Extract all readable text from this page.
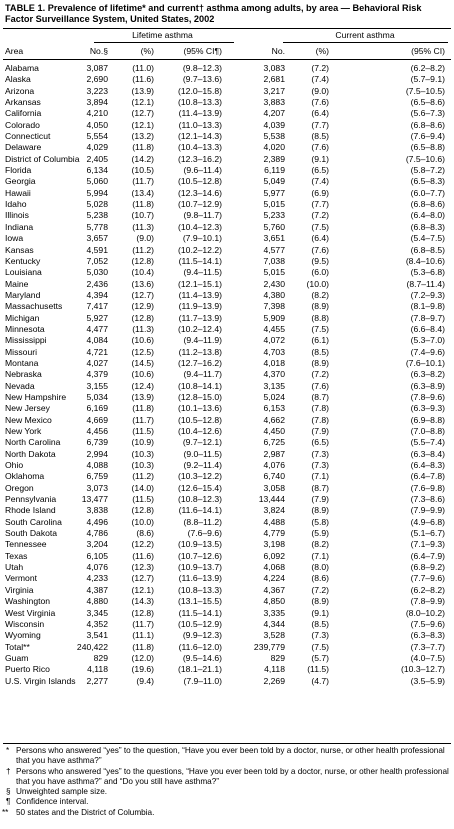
TABLE 1. Prevalence of lifetime* and current† asthma among adults, by area — Behavioral Risk Factor Surveillance System, United States, 2002
Lifetime asthma	Current asthma
Area	No.§	(%)	(95% CI¶)	No.	(%)	(95% CI)
Alabama	3,087	(11.0)	(9.8–12.3)	3,083	(7.2)	(6.2–8.2)
Alaska	2,690	(11.6)	(9.7–13.6)	2,681	(7.4)	(5.7–9.1)
Arizona	3,223	(13.9)	(12.0–15.8)	3,217	(9.0)	(7.5–10.5)
Arkansas	3,894	(12.1)	(10.8–13.3)	3,883	(7.6)	(6.5–8.6)
California	4,210	(12.7)	(11.4–13.9)	4,207	(6.4)	(5.6–7.3)
Colorado	4,050	(12.1)	(11.0–13.3)	4,039	(7.7)	(6.8–8.6)
Connecticut	5,554	(13.2)	(12.1–14.3)	5,538	(8.5)	(7.6–9.4)
Delaware	4,029	(11.8)	(10.4–13.3)	4,020	(7.6)	(6.5–8.8)
District of Columbia 2,405	(14.2)	(12.3–16.2)	2,389	(9.1)	(7.5–10.6)
Florida	6,134	(10.5)	(9.6–11.4)	6,119	(6.5)	(5.8–7.2)
Georgia	5,060	(11.7)	(10.5–12.8)	5,049	(7.4)	(6.5–8.3)
Hawaii	5,994	(13.4)	(12.3–14.6)	5,977	(6.9)	(6.0–7.7)
Idaho	5,028	(11.8)	(10.7–12.9)	5,015	(7.7)	(6.8–8.6)
Illinois	5,238	(10.7)	(9.8–11.7)	5,233	(7.2)	(6.4–8.0)
Indiana	5,778	(11.3)	(10.4–12.3)	5,760	(7.5)	(6.8–8.3)
Iowa	3,657	(9.0)	(7.9–10.1)	3,651	(6.4)	(5.4–7.5)
Kansas	4,591	(11.2)	(10.2–12.2)	4,577	(7.6)	(6.8–8.5)
Kentucky	7,052	(12.8)	(11.5–14.1)	7,038	(9.5)	(8.4–10.6)
Louisiana	5,030	(10.4)	(9.4–11.5)	5,015	(6.0)	(5.3–6.8)
Maine	2,436	(13.6)	(12.1–15.1)	2,430	(10.0)	(8.7–11.4)
Maryland	4,394	(12.7)	(11.4–13.9)	4,380	(8.2)	(7.2–9.3)
Massachusetts	7,417	(12.9)	(11.9–13.9)	7,398	(8.9)	(8.1–9.8)
Michigan	5,927	(12.8)	(11.7–13.9)	5,909	(8.8)	(7.8–9.7)
Minnesota	4,477	(11.3)	(10.2–12.4)	4,455	(7.5)	(6.6–8.4)
Mississippi	4,084	(10.6)	(9.4–11.9)	4,072	(6.1)	(5.3–7.0)
Missouri	4,721	(12.5)	(11.2–13.8)	4,703	(8.5)	(7.4–9.6)
Montana	4,027	(14.5)	(12.7–16.2)	4,018	(8.9)	(7.6–10.1)
Nebraska	4,379	(10.6)	(9.4–11.7)	4,370	(7.2)	(6.3–8.2)
Nevada	3,155	(12.4)	(10.8–14.1)	3,135	(7.6)	(6.3–8.9)
New Hampshire 5,034	(13.9)	(12.8–15.0)	5,024	(8.7)	(7.8–9.6)
New Jersey	6,169	(11.8)	(10.1–13.6)	6,153	(7.8)	(6.3–9.3)
New Mexico	4,669	(11.7)	(10.5–12.8)	4,662	(7.8)	(6.9–8.8)
New York	4,456	(11.5)	(10.4–12.6)	4,450	(7.9)	(7.0–8.8)
North Carolina	6,739	(10.9)	(9.7–12.1)	6,725	(6.5)	(5.5–7.4)
North Dakota	2,994	(10.3)	(9.0–11.5)	2,987	(7.3)	(6.3–8.4)
Ohio	4,088	(10.3)	(9.2–11.4)	4,076	(7.3)	(6.4–8.3)
Oklahoma	6,759	(11.2)	(10.3–12.2)	6,740	(7.1)	(6.4–7.8)
Oregon	3,073	(14.0)	(12.6–15.4)	3,058	(8.7)	(7.6–9.8)
Pennsylvania	13,477	(11.5)	(10.8–12.3)	13,444	(7.9)	(7.3–8.6)
Rhode Island	3,838	(12.8)	(11.6–14.1)	3,824	(8.9)	(7.9–9.9)
South Carolina	4,496	(10.0)	(8.8–11.2)	4,488	(5.8)	(4.9–6.8)
South Dakota	4,786	(8.6)	(7.6–9.6)	4,779	(5.9)	(5.1–6.7)
Tennessee	3,204	(12.2)	(10.9–13.5)	3,198	(8.2)	(7.1–9.3)
Texas	6,105	(11.6)	(10.7–12.6)	6,092	(7.1)	(6.4–7.9)
Utah	4,076	(12.3)	(10.9–13.7)	4,068	(8.0)	(6.8–9.2)
Vermont	4,233	(12.7)	(11.6–13.9)	4,224	(8.6)	(7.7–9.6)
Virginia	4,387	(12.1)	(10.8–13.3)	4,367	(7.2)	(6.2–8.2)
Washington	4,880	(14.3)	(13.1–15.5)	4,850	(8.9)	(7.8–9.9)
West Virginia	3,345	(12.8)	(11.5–14.1)	3,335	(9.1)	(8.0–10.2)
Wisconsin	4,352	(11.7)	(10.5–12.9)	4,344	(8.5)	(7.5–9.6)
Wyoming	3,541	(11.1)	(9.9–12.3)	3,528	(7.3)	(6.3–8.3)
Total**	240,422	(11.8)	(11.6–12.0)	239,779	(7.5)	(7.3–7.7)
Guam	829	(12.0)	(9.5–14.6)	829	(5.7)	(4.0–7.5)
Puerto Rico	4,118	(19.6)	(18.1–21.1)	4,118	(11.5)	(10.3–12.7)
U.S. Virgin Islands 2,277	(9.4)	(7.9–11.0)	2,269	(4.7)	(3.5–5.9)
* Persons who answered “yes” to the question, “Have you ever been told by a doctor, nurse, or other health professional that you have asthma?”
† Persons who answered “yes” to the questions, “Have you ever been told by a doctor, nurse, or other health professional that you have asthma?” and “Do you still have asthma?”
§ Unweighted sample size.
¶ Confidence interval.
** 50 states and the District of Columbia.
